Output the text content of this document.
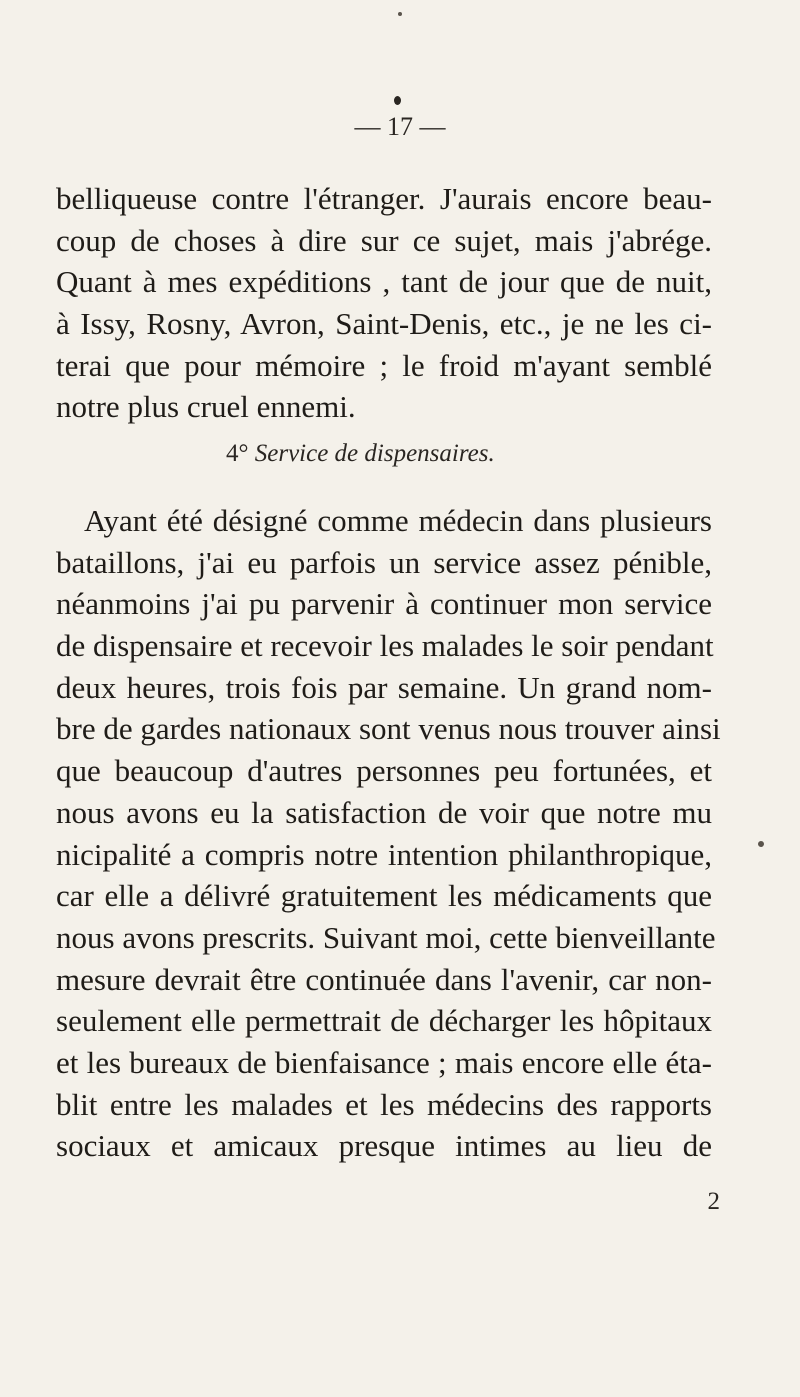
— 17 —
belliqueuse contre l'étranger. J'aurais encore beau-
coup de choses à dire sur ce sujet, mais j'abrége.
Quant à mes expéditions , tant de jour que de nuit,
à Issy, Rosny, Avron, Saint-Denis, etc., je ne les ci-
terai que pour mémoire ; le froid m'ayant semblé
notre plus cruel ennemi.
4° Service de dispensaires.
Ayant été désigné comme médecin dans plusieurs
bataillons, j'ai eu parfois un service assez pénible,
néanmoins j'ai pu parvenir à continuer mon service
de dispensaire et recevoir les malades le soir pendant
deux heures, trois fois par semaine. Un grand nom-
bre de gardes nationaux sont venus nous trouver ainsi
que beaucoup d'autres personnes peu fortunées, et
nous avons eu la satisfaction de voir que notre mu
nicipalité a compris notre intention philanthropique,
car elle a délivré gratuitement les médicaments que
nous avons prescrits. Suivant moi, cette bienveillante
mesure devrait être continuée dans l'avenir, car non-
seulement elle permettrait de décharger les hôpitaux
et les bureaux de bienfaisance ; mais encore elle éta-
blit entre les malades et les médecins des rapports
sociaux et amicaux presque intimes au lieu de
2
